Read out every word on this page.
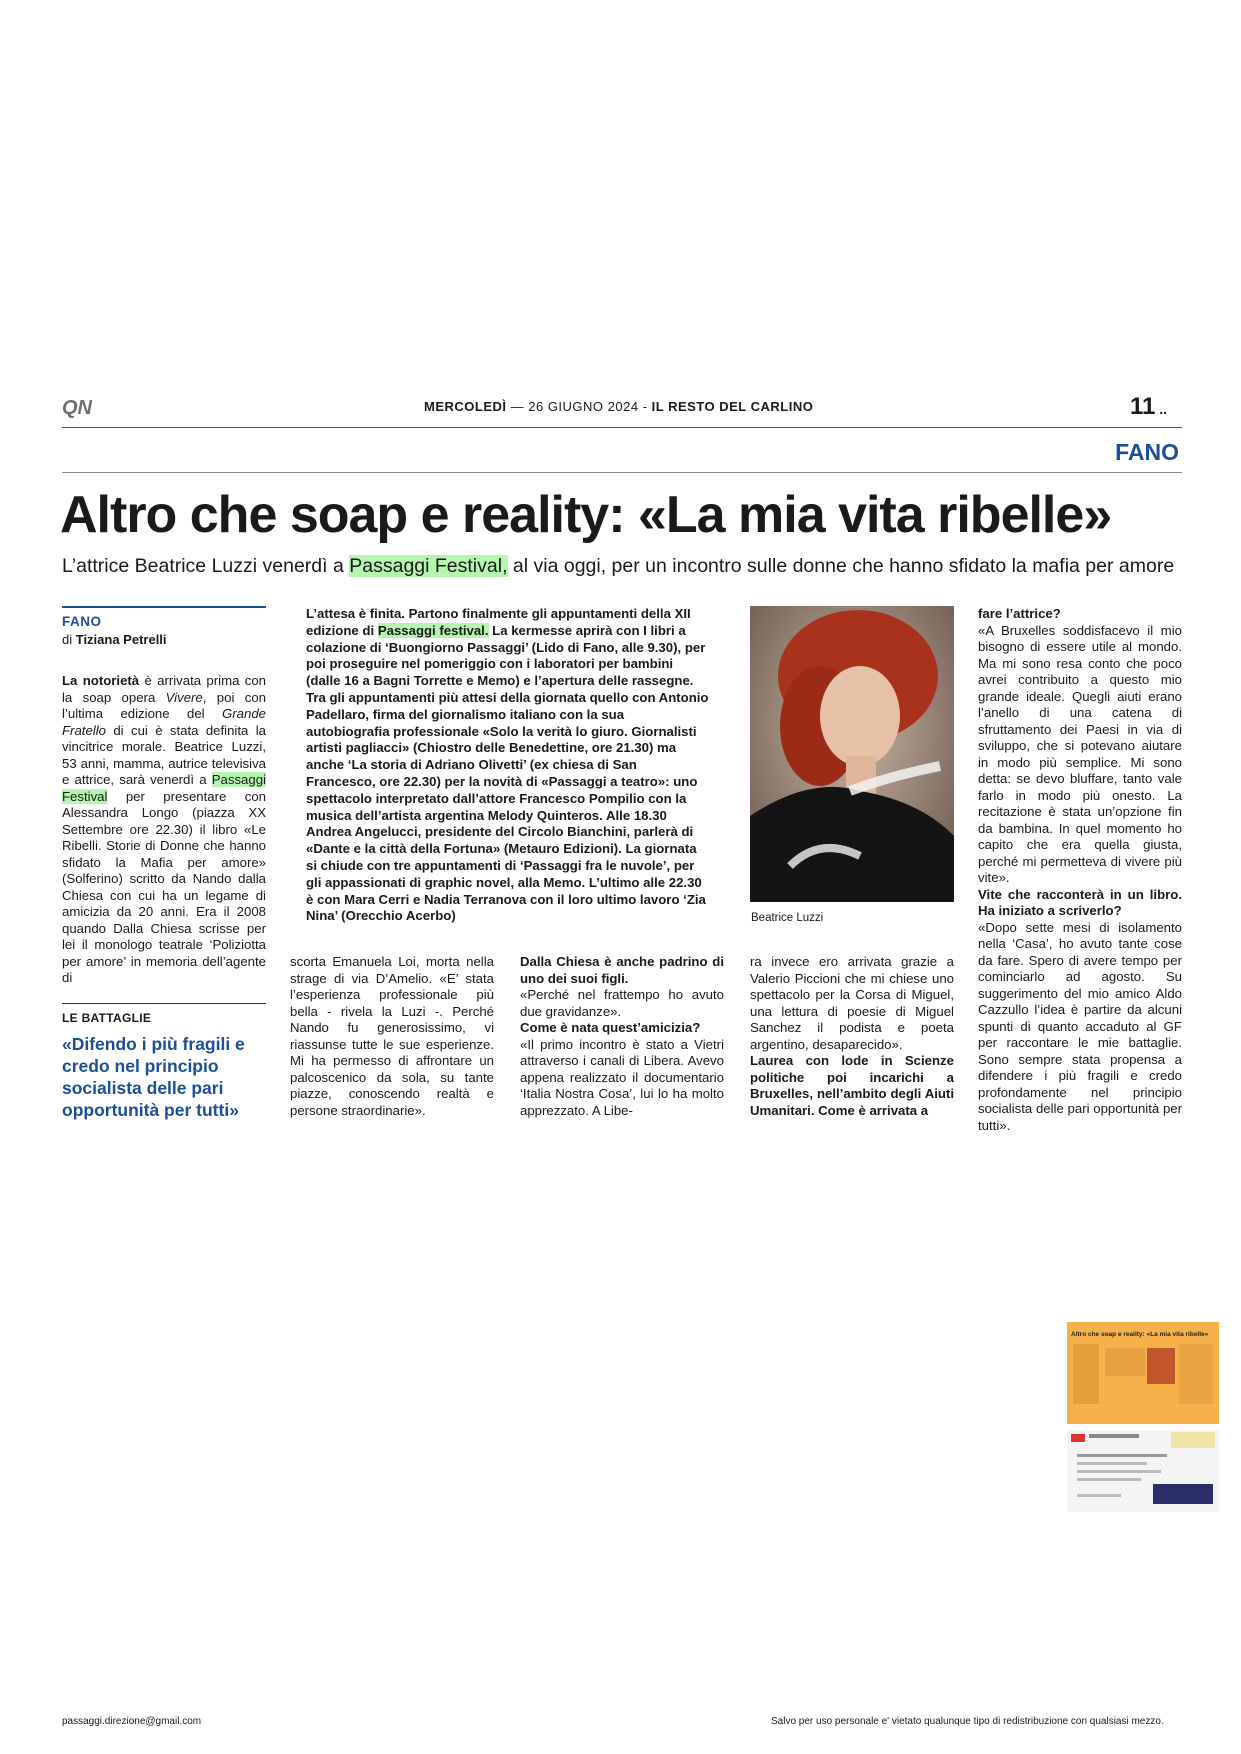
QN	MERCOLEDÌ — 26 GIUGNO 2024 - IL RESTO DEL CARLINO	11 ..
FANO
Altro che soap e reality: «La mia vita ribelle»
L’attrice Beatrice Luzzi venerdì a Passaggi Festival, al via oggi, per un incontro sulle donne che hanno sfidato la mafia per amore
FANO
di Tiziana Petrelli

La notorietà è arrivata prima con la soap opera Vivere, poi con l’ultima edizione del Grande Fratello di cui è stata definita la vincitrice morale. Beatrice Luzzi, 53 anni, mamma, autrice televisiva e attrice, sarà venerdì a Passaggi Festival per presentare con Alessandra Longo (piazza XX Settembre ore 22.30) il libro «Le Ribelli. Storie di Donne che hanno sfidato la Mafia per amore» (Solferino) scritto da Nando dalla Chiesa con cui ha un legame di amicizia da 20 anni. Era il 2008 quando Dalla Chiesa scrisse per lei il monologo teatrale ‘Poliziotta per amore’ in memoria dell’agente di

LE BATTAGLIE
«Difendo i più fragili e credo nel principio socialista delle pari opportunità per tutti»
L’attesa è finita. Partono finalmente gli appuntamenti della XII edizione di Passaggi festival. La kermesse aprirà con I libri a colazione di ‘Buongiorno Passaggi’ (Lido di Fano, alle 9.30), per poi proseguire nel pomeriggio con i laboratori per bambini (dalle 16 a Bagni Torrette e Memo) e l’apertura delle rassegne. Tra gli appuntamenti più attesi della giornata quello con Antonio Padellaro, firma del giornalismo italiano con la sua autobiografia professionale «Solo la verità lo giuro. Giornalisti artisti pagliacci» (Chiostro delle Benedettine, ore 21.30) ma anche ‘La storia di Adriano Olivetti’ (ex chiesa di San Francesco, ore 22.30) per la novità di «Passaggi a teatro»: uno spettacolo interpretato dall’attore Francesco Pompilio con la musica dell’artista argentina Melody Quinteros. Alle 18.30 Andrea Angelucci, presidente del Circolo Bianchini, parlerà di «Dante e la città della Fortuna» (Metauro Edizioni). La giornata si chiude con tre appuntamenti di ‘Passaggi fra le nuvole’, per gli appassionati di graphic novel, alla Memo. L’ultimo alle 22.30 è con Mara Cerri e Nadia Terranova con il loro ultimo lavoro ‘Zia Nina’ (Orecchio Acerbo)

scorta Emanuela Loi, morta nella strage di via D’Amelio. «E’ stata l’esperienza professionale più bella - rivela la Luzi -. Perché Nando fu generosissimo, vi riassunse tutte le sue esperienze. Mi ha permesso di affrontare un palcoscenico da sola, su tante piazze, conoscendo realtà e persone straordinarie».

Dalla Chiesa è anche padrino di uno dei suoi figli.

«Perché nel frattempo ho avuto due gravidanze».

Come è nata quest’amicizia?

«Il primo incontro è stato a Vietri attraverso i canali di Libera. Avevo appena realizzato il documentario ‘Italia Nostra Cosa’, lui lo ha molto apprezzato. A Libe-

Beatrice Luzzi

ra invece ero arrivata grazie a Valerio Piccioni che mi chiese uno spettacolo per la Corsa di Miguel, una lettura di poesie di Miguel Sanchez il podista e poeta argentino, desaparecido».

Laurea con lode in Scienze politiche poi incarichi a Bruxelles, nell’ambito degli Aiuti Umanitari. Come è arrivata a

fare l’attrice?

«A Bruxelles soddisfacevo il mio bisogno di essere utile al mondo. Ma mi sono resa conto che poco avrei contribuito a questo mio grande ideale. Quegli aiuti erano l’anello di una catena di sfruttamento dei Paesi in via di sviluppo, che si potevano aiutare in modo più semplice. Mi sono detta: se devo bluffare, tanto vale farlo in modo più onesto. La recitazione è stata un’opzione fin da bambina. In quel momento ho capito che era quella giusta, perché mi permetteva di vivere più vite».

Vite che racconterà in un libro. Ha iniziato a scriverlo?

«Dopo sette mesi di isolamento nella ‘Casa’, ho avuto tante cose da fare. Spero di avere tempo per cominciarlo ad agosto. Su suggerimento del mio amico Aldo Cazzullo l’idea è partire da alcuni spunti di quanto accaduto al GF per raccontare le mie battaglie. Sono sempre stata propensa a difendere i più fragili e credo profondamente nel principio socialista delle pari opportunità per tutti».

Altro che soap e reality: «La mia vita ribelle»
passaggi.direzione@gmail.com	Salvo per uso personale e' vietato qualunque tipo di redistribuzione con qualsiasi mezzo.
